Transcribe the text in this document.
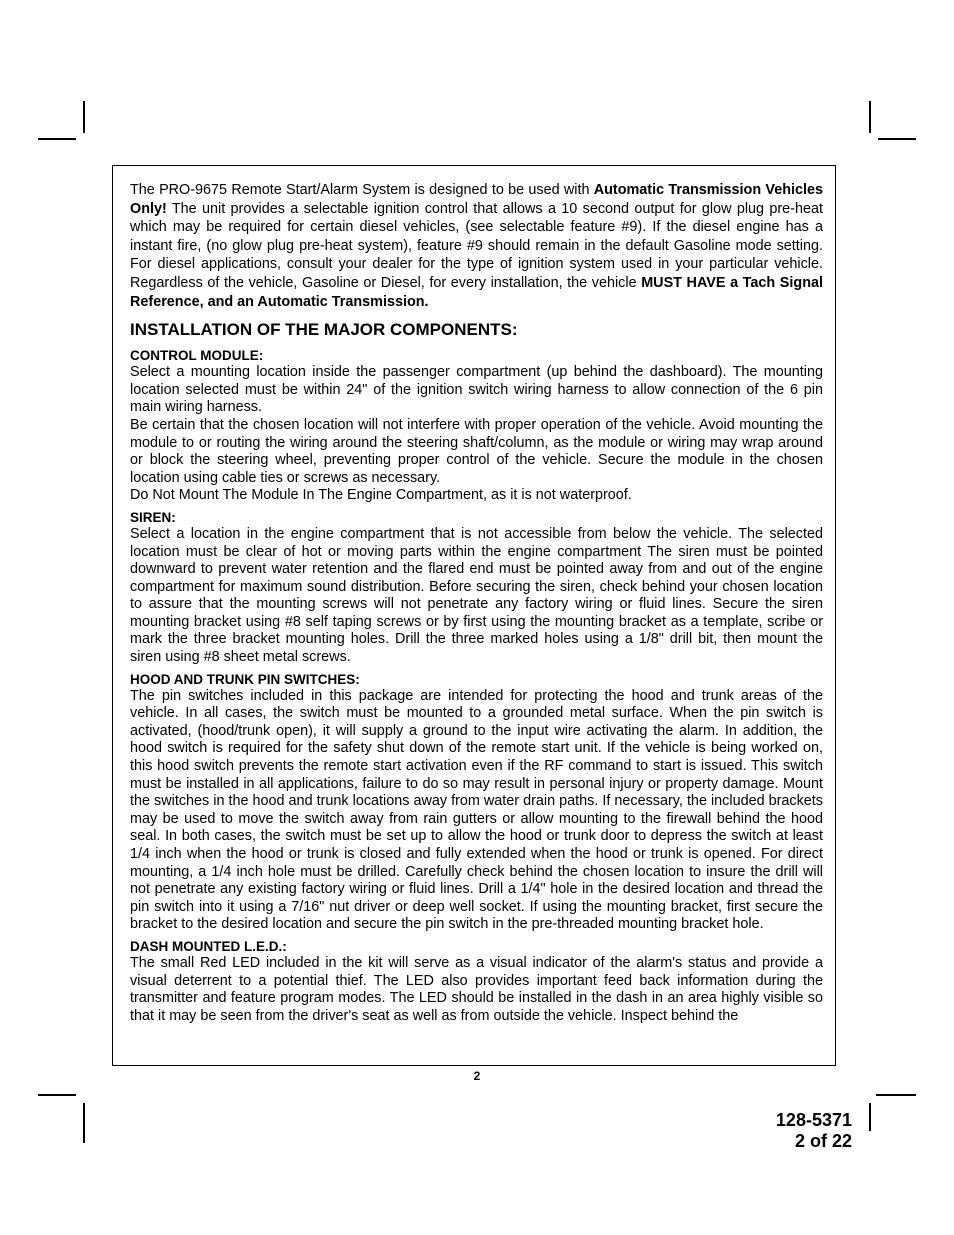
The PRO-9675 Remote Start/Alarm System is designed to be used with Automatic Transmission Vehicles Only! The unit provides a selectable ignition control that allows a 10 second output for glow plug pre-heat which may be required for certain diesel vehicles, (see selectable feature #9). If the diesel engine has a instant fire, (no glow plug pre-heat system), feature #9 should remain in the default Gasoline mode setting. For diesel applications, consult your dealer for the type of ignition system used in your particular vehicle. Regardless of the vehicle, Gasoline or Diesel, for every installation, the vehicle MUST HAVE a Tach Signal Reference, and an Automatic Transmission.

INSTALLATION OF THE MAJOR COMPONENTS:
CONTROL MODULE:

Select a mounting location inside the passenger compartment (up behind the dashboard). The mounting location selected must be within 24" of the ignition switch wiring harness to allow connection of the 6 pin main wiring harness.

Be certain that the chosen location will not interfere with proper operation of the vehicle. Avoid mounting the module to or routing the wiring around the steering shaft/column, as the module or wiring may wrap around or block the steering wheel, preventing proper control of the vehicle. Secure the module in the chosen location using cable ties or screws as necessary.

Do Not Mount The Module In The Engine Compartment, as it is not waterproof.

SIREN:

Select a location in the engine compartment that is not accessible from below the vehicle. The selected location must be clear of hot or moving parts within the engine compartment The siren must be pointed downward to prevent water retention and the flared end must be pointed away from and out of the engine compartment for maximum sound distribution. Before securing the siren, check behind your chosen location to assure that the mounting screws will not penetrate any factory wiring or fluid lines. Secure the siren mounting bracket using #8 self taping screws or by first using the mounting bracket as a template, scribe or mark the three bracket mounting holes. Drill the three marked holes using a 1/8" drill bit, then mount the siren using #8 sheet metal screws.

HOOD AND TRUNK PIN SWITCHES:

The pin switches included in this package are intended for protecting the hood and trunk areas of the vehicle. In all cases, the switch must be mounted to a grounded metal surface. When the pin switch is activated, (hood/trunk open), it will supply a ground to the input wire activating the alarm. In addition, the hood switch is required for the safety shut down of the remote start unit. If the vehicle is being worked on, this hood switch prevents the remote start activation even if the RF command to start is issued. This switch must be installed in all applications, failure to do so may result in personal injury or property damage. Mount the switches in the hood and trunk locations away from water drain paths. If necessary, the included brackets may be used to move the switch away from rain gutters or allow mounting to the firewall behind the hood seal. In both cases, the switch must be set up to allow the hood or trunk door to depress the switch at least 1/4 inch when the hood or trunk is closed and fully extended when the hood or trunk is opened. For direct mounting, a 1/4 inch hole must be drilled. Carefully check behind the chosen location to insure the drill will not penetrate any existing factory wiring or fluid lines. Drill a 1/4" hole in the desired location and thread the pin switch into it using a 7/16" nut driver or deep well socket. If using the mounting bracket, first secure the bracket to the desired location and secure the pin switch in the pre-threaded mounting bracket hole.

DASH MOUNTED L.E.D.:

The small Red LED included in the kit will serve as a visual indicator of the alarm's status and provide a visual deterrent to a potential thief. The LED also provides important feed back information during the transmitter and feature program modes. The LED should be installed in the dash in an area highly visible so that it may be seen from the driver's seat as well as from outside the vehicle. Inspect behind the

2
128-5371
2 of 22
